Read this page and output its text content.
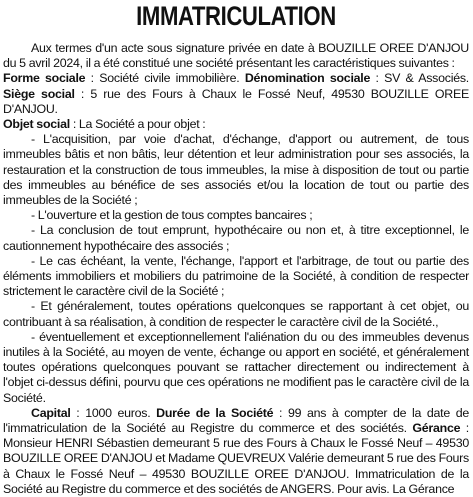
IMMATRICULATION

Aux termes d'un acte sous signature privée en date à BOUZILLE OREE D'ANJOU du 5 avril 2024, il a été constitué une société présentant les caractéristiques suivantes :

Forme sociale : Société civile immobilière. Dénomination sociale : SV & Associés. Siège social : 5 rue des Fours à Chaux le Fossé Neuf, 49530 BOUZILLE OREE D'ANJOU.

Objet social : La Société a pour objet :

- L'acquisition, par voie d'achat, d'échange, d'apport ou autrement, de tous immeubles bâtis et non bâtis, leur détention et leur administration pour ses associés, la restauration et la construction de tous immeubles, la mise à disposition de tout ou partie des immeubles au bénéfice de ses associés et/ou la location de tout ou partie des immeubles de la Société ;

- L'ouverture et la gestion de tous comptes bancaires ;

- La conclusion de tout emprunt, hypothécaire ou non et, à titre exceptionnel, le cautionnement hypothécaire des associés ;

- Le cas échéant, la vente, l'échange, l'apport et l'arbitrage, de tout ou partie des éléments immobiliers et mobiliers du patrimoine de la Société, à condition de respecter strictement le caractère civil de la Société ;

- Et généralement, toutes opérations quelconques se rapportant à cet objet, ou contribuant à sa réalisation, à condition de respecter le caractère civil de la Société.,

- éventuellement et exceptionnellement l'aliénation du ou des immeubles devenus inutiles à la Société, au moyen de vente, échange ou apport en société, et généralement toutes opérations quelconques pouvant se rattacher directement ou indirectement à l'objet ci-dessus défini, pourvu que ces opérations ne modifient pas le caractère civil de la Société.

Capital : 1000 euros. Durée de la Société : 99 ans à compter de la date de l'immatriculation de la Société au Registre du commerce et des sociétés. Gérance : Monsieur HENRI Sébastien demeurant 5 rue des Fours à Chaux le Fossé Neuf – 49530 BOUZILLE OREE D'ANJOU et Madame QUEVREUX Valérie demeurant 5 rue des Fours à Chaux le Fossé Neuf – 49530 BOUZILLE OREE D'ANJOU. Immatriculation de la Société au Registre du commerce et des sociétés de ANGERS. Pour avis. La Gérance
